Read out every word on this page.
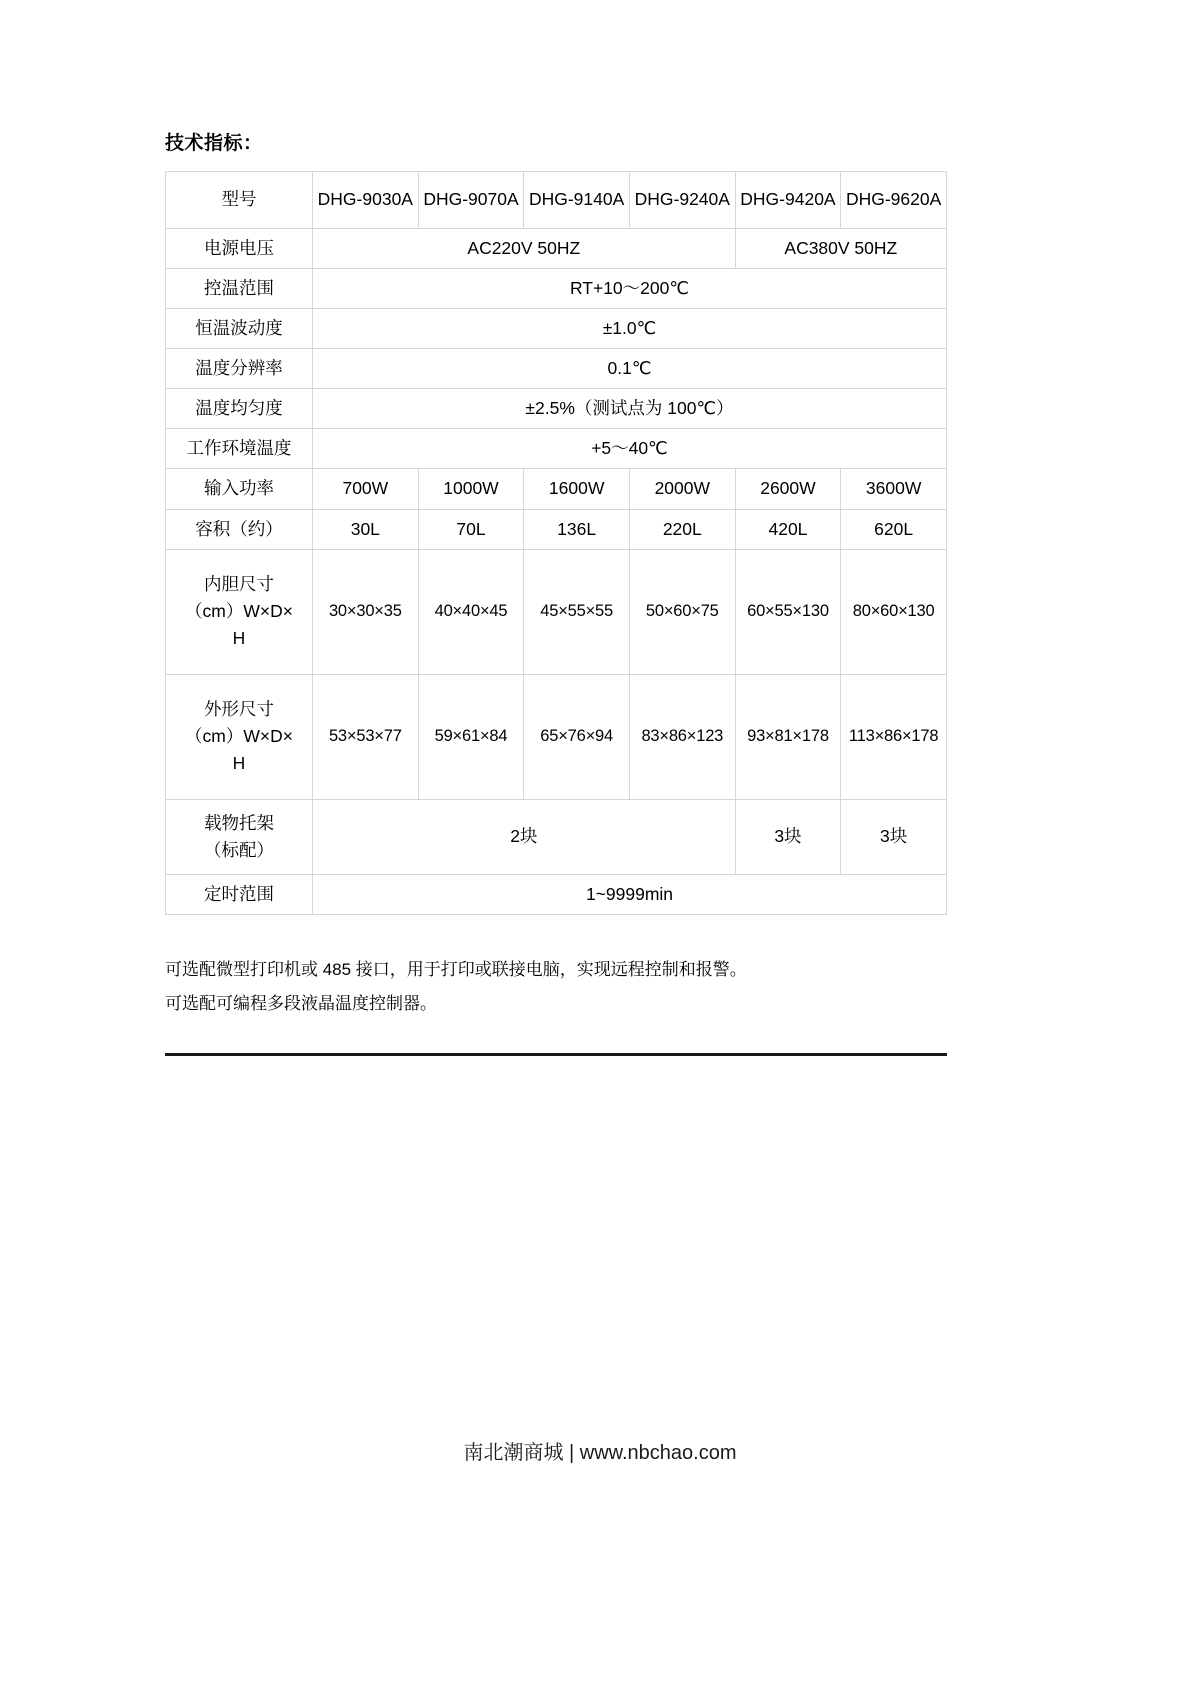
技术指标：
型号	DHG-9030A	DHG-9070A	DHG-9140A	DHG-9240A	DHG-9420A	DHG-9620A
电源电压	AC220V 50HZ				AC380V 50HZ	
控温范围	RT+10～200℃					
恒温波动度	±1.0℃					
温度分辨率	0.1℃					
温度均匀度	±2.5%（测试点为 100℃）					
工作环境温度	+5～40℃					
输入功率	700W	1000W	1600W	2000W	2600W	3600W
容积（约）	30L	70L	136L	220L	420L	620L
内胆尺寸
（cm）W×D×
H	30×30×35	40×40×45	45×55×55	50×60×75	60×55×130	80×60×130
外形尺寸
（cm）W×D×
H	53×53×77	59×61×84	65×76×94	83×86×123	93×81×178	113×86×178
载物托架
（标配）	2块				3块	3块
定时范围	1~9999min					

可选配微型打印机或 485 接口，用于打印或联接电脑，实现远程控制和报警。

可选配可编程多段液晶温度控制器。

南北潮商城 | www.nbchao.com
